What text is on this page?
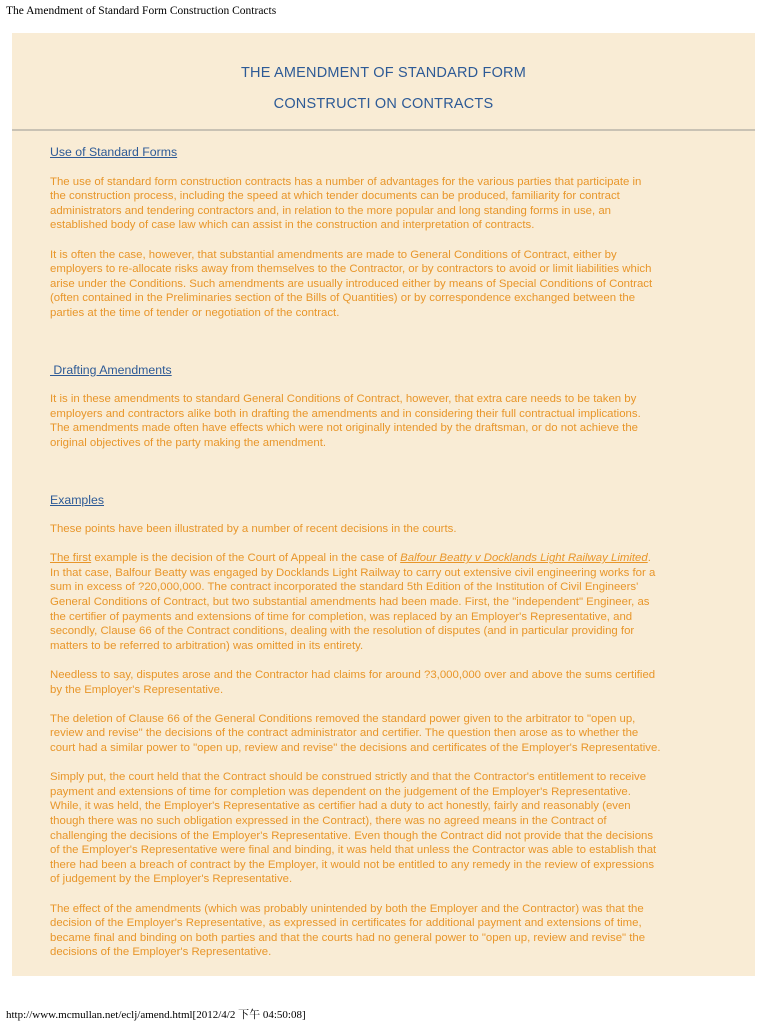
The Amendment of Standard Form Construction Contracts
THE AMENDMENT OF STANDARD FORM
CONSTRUCTI ON CONTRACTS
Use of Standard Forms

The use of standard form construction contracts has a number of advantages for the various parties that participate in
the construction process, including the speed at which tender documents can be produced, familiarity for contract
administrators and tendering contractors and, in relation to the more popular and long standing forms in use, an
established body of case law which can assist in the construction and interpretation of contracts.

It is often the case, however, that substantial amendments are made to General Conditions of Contract, either by
employers to re-allocate risks away from themselves to the Contractor, or by contractors to avoid or limit liabilities which
arise under the Conditions. Such amendments are usually introduced either by means of Special Conditions of Contract
(often contained in the Preliminaries section of the Bills of Quantities) or by correspondence exchanged between the
parties at the time of tender or negotiation of the contract.

Drafting Amendments

It is in these amendments to standard General Conditions of Contract, however, that extra care needs to be taken by
employers and contractors alike both in drafting the amendments and in considering their full contractual implications.
The amendments made often have effects which were not originally intended by the draftsman, or do not achieve the
original objectives of the party making the amendment.

Examples

These points have been illustrated by a number of recent decisions in the courts.

The first example is the decision of the Court of Appeal in the case of Balfour Beatty v Docklands Light Railway Limited.
In that case, Balfour Beatty was engaged by Docklands Light Railway to carry out extensive civil engineering works for a
sum in excess of ?20,000,000. The contract incorporated the standard 5th Edition of the Institution of Civil Engineers'
General Conditions of Contract, but two substantial amendments had been made. First, the "independent" Engineer, as
the certifier of payments and extensions of time for completion, was replaced by an Employer's Representative, and
secondly, Clause 66 of the Contract conditions, dealing with the resolution of disputes (and in particular providing for
matters to be referred to arbitration) was omitted in its entirety.

Needless to say, disputes arose and the Contractor had claims for around ?3,000,000 over and above the sums certified
by the Employer's Representative.

The deletion of Clause 66 of the General Conditions removed the standard power given to the arbitrator to "open up,
review and revise" the decisions of the contract administrator and certifier. The question then arose as to whether the
court had a similar power to "open up, review and revise" the decisions and certificates of the Employer's Representative.

Simply put, the court held that the Contract should be construed strictly and that the Contractor's entitlement to receive
payment and extensions of time for completion was dependent on the judgement of the Employer's Representative.
While, it was held, the Employer's Representative as certifier had a duty to act honestly, fairly and reasonably (even
though there was no such obligation expressed in the Contract), there was no agreed means in the Contract of
challenging the decisions of the Employer's Representative. Even though the Contract did not provide that the decisions
of the Employer's Representative were final and binding, it was held that unless the Contractor was able to establish that
there had been a breach of contract by the Employer, it would not be entitled to any remedy in the review of expressions
of judgement by the Employer's Representative.

The effect of the amendments (which was probably unintended by both the Employer and the Contractor) was that the
decision of the Employer's Representative, as expressed in certificates for additional payment and extensions of time,
became final and binding on both parties and that the courts had no general power to "open up, review and revise" the
decisions of the Employer's Representative.

http://www.mcmullan.net/eclj/amend.html[2012/4/2 下午 04:50:08]
